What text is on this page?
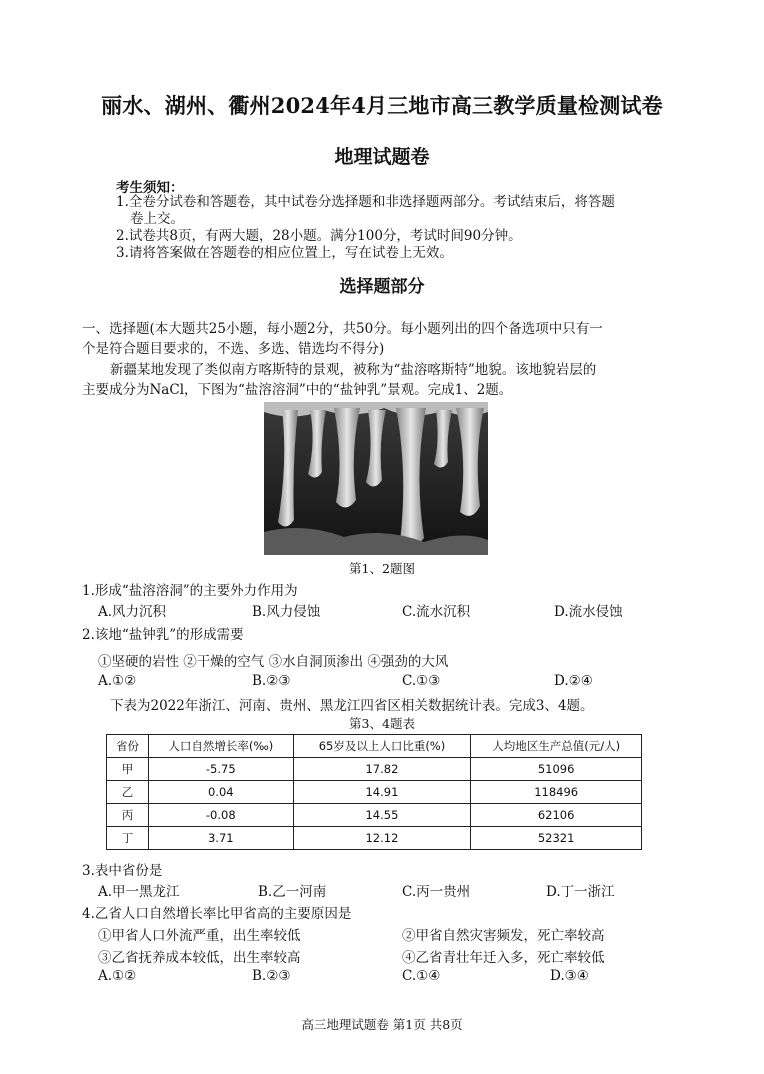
丽水、湖州、衢州2024年4月三地市高三教学质量检测试卷
地理试题卷
考生须知：
1.全卷分试卷和答题卷，其中试卷分选择题和非选择题两部分。考试结束后，将答题
卷上交。
2.试卷共8页，有两大题，28小题。满分100分，考试时间90分钟。
3.请将答案做在答题卷的相应位置上，写在试卷上无效。
选择题部分
一、选择题(本大题共25小题，每小题2分，共50分。每小题列出的四个备选项中只有一
个是符合题目要求的，不选、多选、错选均不得分)
新疆某地发现了类似南方喀斯特的景观，被称为“盐溶喀斯特”地貌。该地貌岩层的
主要成分为NaCl，下图为“盐溶溶洞”中的“盐钟乳”景观。完成1、2题。
第1、2题图
1.形成“盐溶溶洞”的主要外力作用为
A.风力沉积	B.风力侵蚀	C.流水沉积	D.流水侵蚀
2.该地“盐钟乳”的形成需要
①坚硬的岩性 ②干燥的空气 ③水自洞顶渗出 ④强劲的大风
A.①②	B.②③	C.①③	D.②④
下表为2022年浙江、河南、贵州、黑龙江四省区相关数据统计表。完成3、4题。
第3、4题表
省份	人口自然增长率(‰)	65岁及以上人口比重(%)	人均地区生产总值(元/人)
甲	-5.75	17.82	51096
乙	0.04	14.91	118496
丙	-0.08	14.55	62106
丁	3.71	12.12	52321
3.表中省份是
A.甲一黑龙江	B.乙一河南	C.丙一贵州	D.丁一浙江
4.乙省人口自然增长率比甲省高的主要原因是
①甲省人口外流严重，出生率较低	②甲省自然灾害频发，死亡率较高
③乙省抚养成本较低，出生率较高	④乙省青壮年迁入多，死亡率较低
A.①②	B.②③	C.①④	D.③④
高三地理试题卷 第1页 共8页
